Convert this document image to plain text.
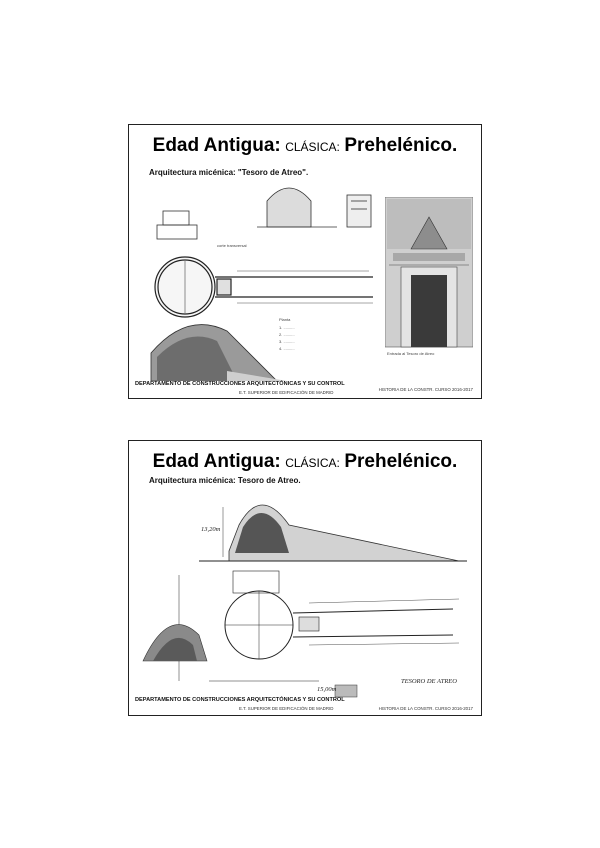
Edad Antigua: CLÁSICA: Prehelénico.
Arquitectura micénica: "Tesoro de Atreo".
corte transversal
Planta
1. ..........
2. ..........
3. ..........
4. ..........
Entrada al Tesoro de Atreo
DEPARTAMENTO DE CONSTRUCCIONES ARQUITECTÓNICAS Y SU CONTROL
E.T. SUPERIOR DE EDIFICACIÓN DE MADRID
HISTORIA DE LA CONSTR. CURSO 2016-2017
Edad Antigua: CLÁSICA: Prehelénico.
Arquitectura micénica: Tesoro de Atreo.
13,20m
TESORO DE ATREO
15,00m
DEPARTAMENTO DE CONSTRUCCIONES ARQUITECTÓNICAS Y SU CONTROL
E.T. SUPERIOR DE EDIFICACIÓN DE MADRID	HISTORIA DE LA CONSTR. CURSO 2016-2017
